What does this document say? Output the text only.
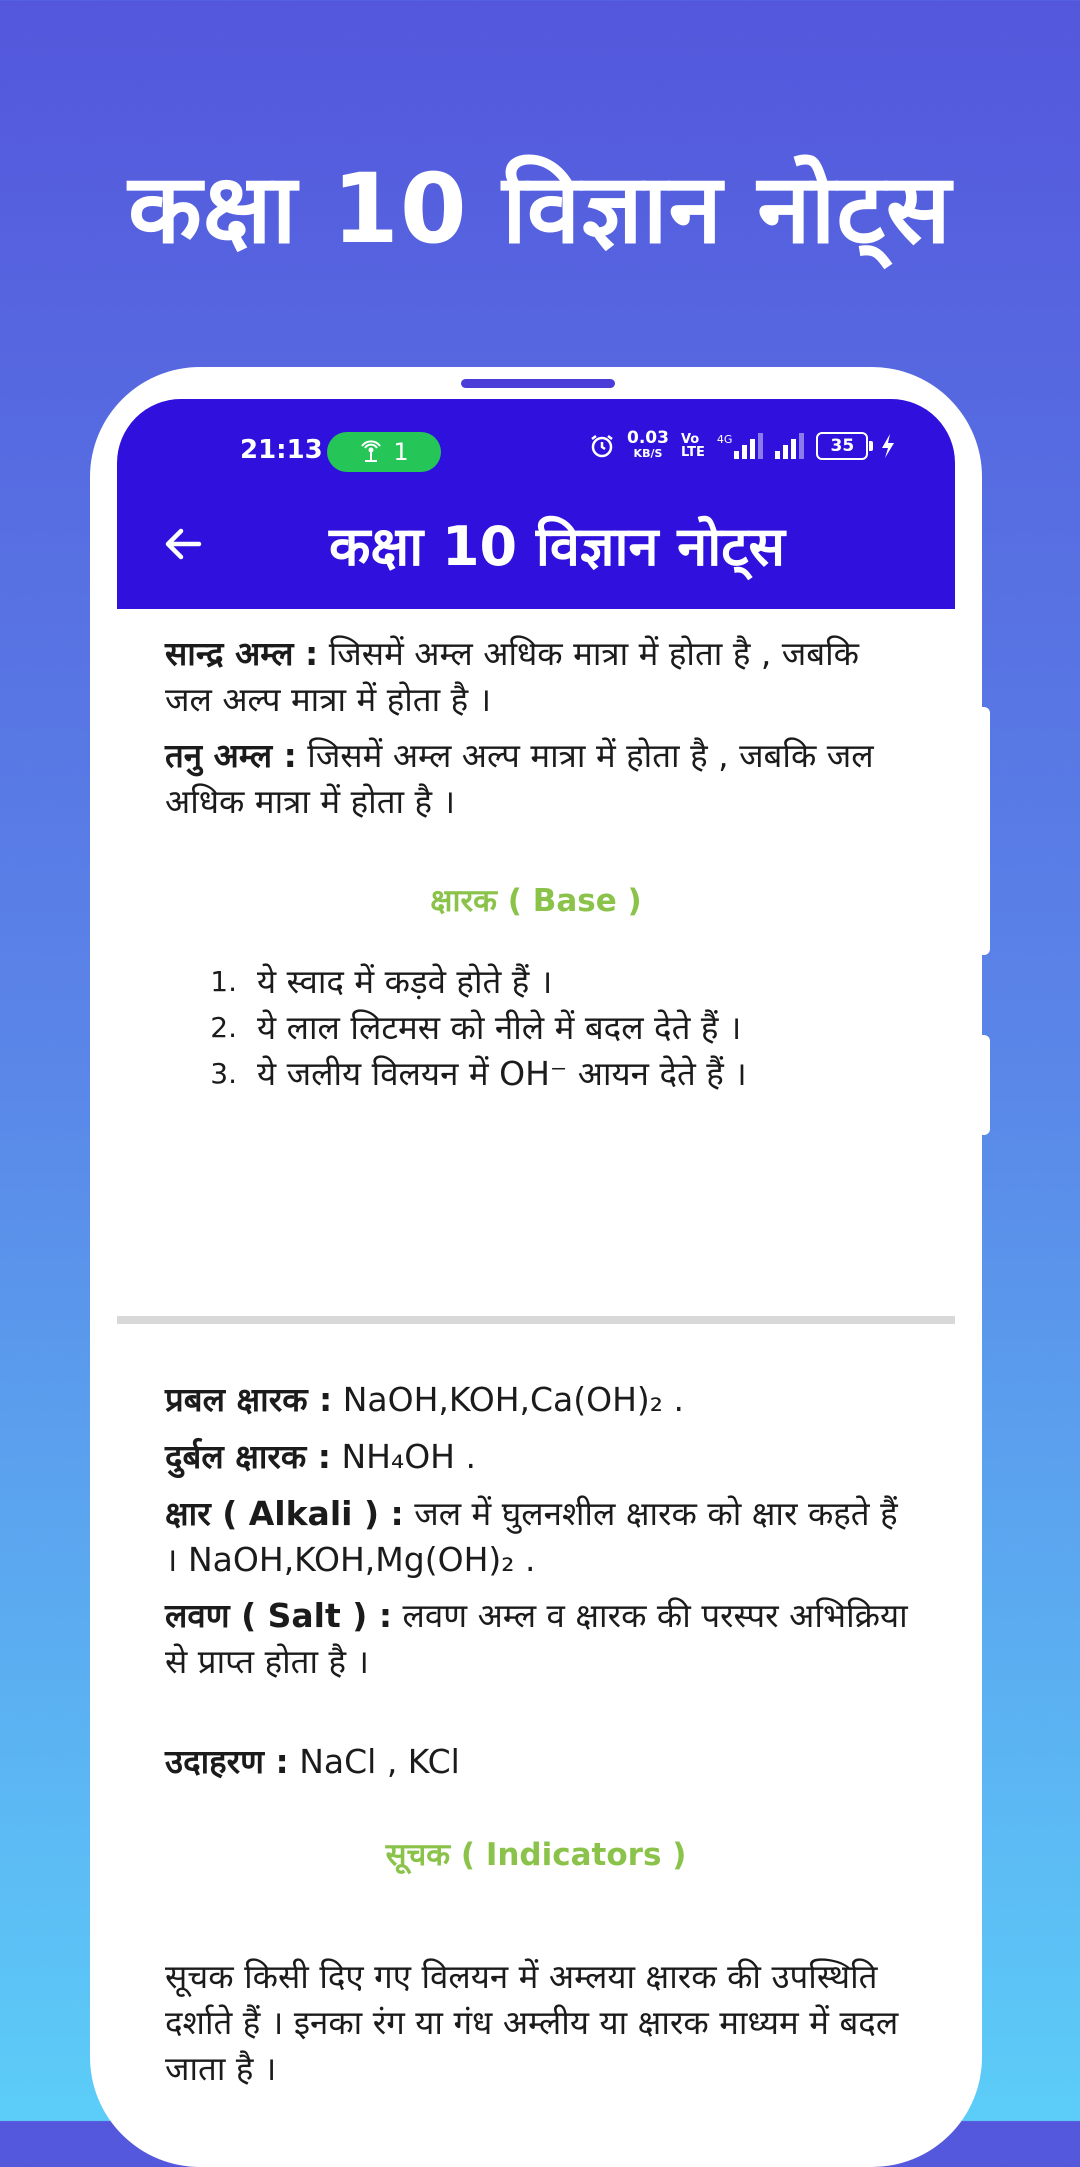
कक्षा 10 विज्ञान नोट्स
21:13	1	0.03
KB/S
Vo
LTE
4G	35
कक्षा 10 विज्ञान नोट्स

सान्द्र अम्ल : जिसमें अम्ल अधिक मात्रा में होता है , जबकि जल अल्प मात्रा में होता है ।

तनु अम्ल : जिसमें अम्ल अल्प मात्रा में होता है , जबकि जल अधिक मात्रा में होता है ।

क्षारक ( Base )
1. ये स्वाद में कड़वे होते हैं ।
2. ये लाल लिटमस को नीले में बदल देते हैं ।
3. ये जलीय विलयन में OH⁻ आयन देते हैं ।

प्रबल क्षारक : NaOH,KOH,Ca(OH)₂ .

दुर्बल क्षारक : NH₄OH .

क्षार ( Alkali ) : जल में घुलनशील क्षारक को क्षार कहते हैं । NaOH,KOH,Mg(OH)₂ .

लवण ( Salt ) : लवण अम्ल व क्षारक की परस्पर अभिक्रिया से प्राप्त होता है ।

उदाहरण : NaCl , KCl

सूचक ( Indicators )

सूचक किसी दिए गए विलयन में अम्लया क्षारक की उपस्थिति दर्शाते हैं । इनका रंग या गंध अम्लीय या क्षारक माध्यम में बदल जाता है ।
